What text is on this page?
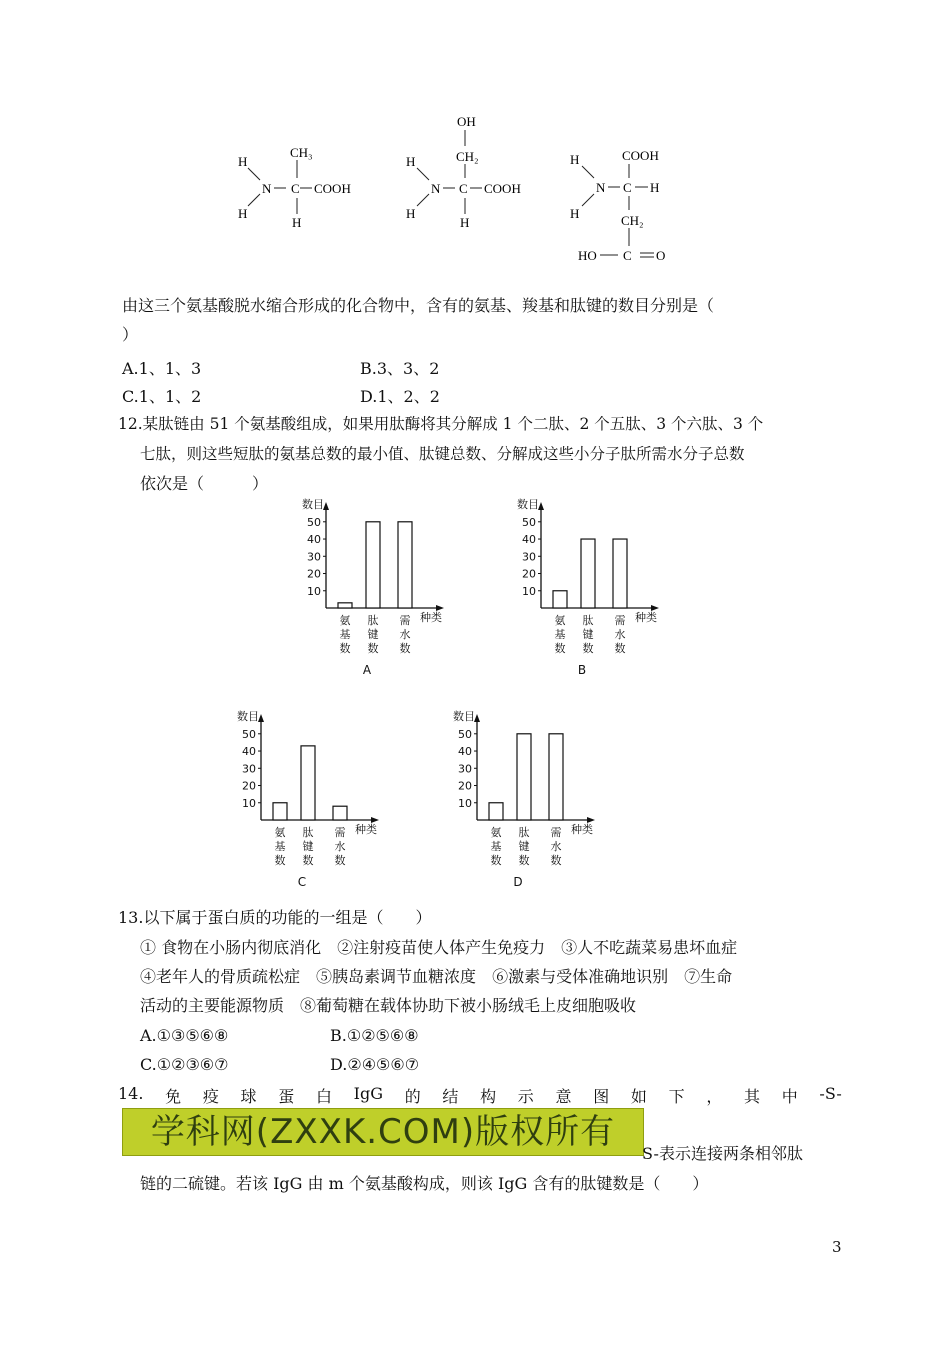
H
N
H
CH₃
C COOH
H
OH
CH₂
H
N
H
C COOH
H
COOH
H
N
H
C H
CH₂
HO C O
由这三个氨基酸脱水缩合形成的化合物中，含有的氨基、羧基和肽键的数目分别是（
）
A.1、1、3	B.3、3、2
C.1、1、2	D.1、2、2
12.某肽链由 51 个氨基酸组成，如果用肽酶将其分解成 1 个二肽、2 个五肽、3 个六肽、3 个
七肽，则这些短肽的氨基总数的最小值、肽键总数、分解成这些小分子肽所需水分子总数
依次是（　　　）
数目
10
20
30
40
50
氨
基
数
肽
键
数
需
水
数
种类
A
数目
10
20
30
40
50
氨
基
数
肽
键
数
需
水
数
种类
B
数目
10
20
30
40
50
氨
基
数
肽
键
数
需
水
数
种类
C
数目
10
20
30
40
50
氨
基
数
肽
键
数
需
水
数
种类
D
13.以下属于蛋白质的功能的一组是（　　）
① 食物在小肠内彻底消化　 ②注射疫苗使人体产生免疫力　 ③人不吃蔬菜易患坏血症
④老年人的骨质疏松症　 ⑤胰岛素调节血糖浓度　 ⑥激素与受体准确地识别　 ⑦生命
活动的主要能源物质　 ⑧葡萄糖在载体协助下被小肠绒毛上皮细胞吸收
A.①③⑤⑥⑧	B.①②⑤⑥⑧
C.①②③⑥⑦	D.②④⑤⑥⑦
14. 免 疫 球 蛋 白 IgG 的 结 构 示 意 图 如 下 ， 其 中 -S-
学科网(ZXXK.COM)版权所有
S-表示连接两条相邻肽
链的二硫键。若该 IgG 由 m 个氨基酸构成，则该 IgG 含有的肽键数是（　　）
3
